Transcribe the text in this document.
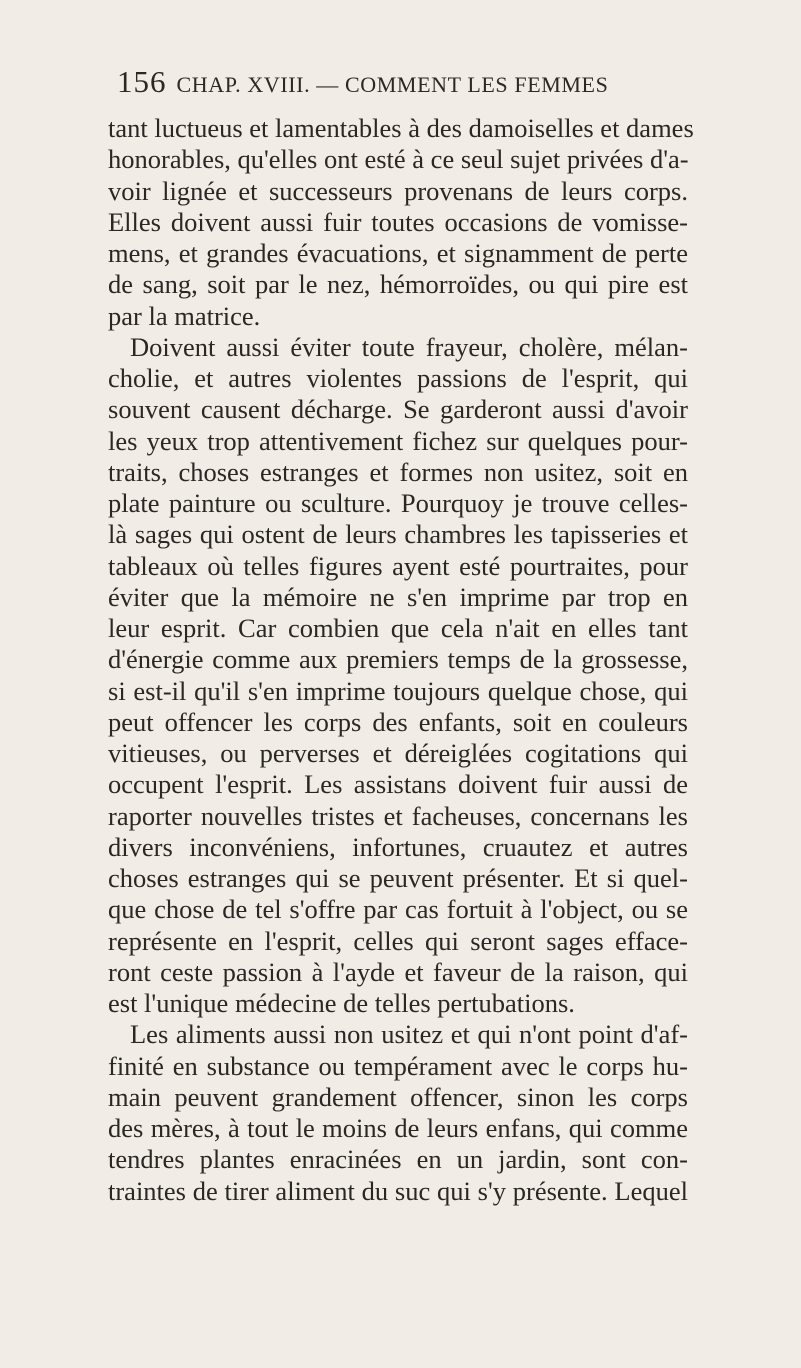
156 CHAP. XVIII. — COMMENT LES FEMMES
tant luctueus et lamentables à des damoiselles et dames
honorables, qu'elles ont esté à ce seul sujet privées d'a-
voir lignée et successeurs provenans de leurs corps.
Elles doivent aussi fuir toutes occasions de vomisse-
mens, et grandes évacuations, et signamment de perte
de sang, soit par le nez, hémorroïdes, ou qui pire est
par la matrice.
Doivent aussi éviter toute frayeur, cholère, mélan-
cholie, et autres violentes passions de l'esprit, qui
souvent causent décharge. Se garderont aussi d'avoir
les yeux trop attentivement fichez sur quelques pour-
traits, choses estranges et formes non usitez, soit en
plate painture ou sculture. Pourquoy je trouve celles-
là sages qui ostent de leurs chambres les tapisseries et
tableaux où telles figures ayent esté pourtraites, pour
éviter que la mémoire ne s'en imprime par trop en
leur esprit. Car combien que cela n'ait en elles tant
d'énergie comme aux premiers temps de la grossesse,
si est-il qu'il s'en imprime toujours quelque chose, qui
peut offencer les corps des enfants, soit en couleurs
vitieuses, ou perverses et déreiglées cogitations qui
occupent l'esprit. Les assistans doivent fuir aussi de
raporter nouvelles tristes et facheuses, concernans les
divers inconvéniens, infortunes, cruautez et autres
choses estranges qui se peuvent présenter. Et si quel-
que chose de tel s'offre par cas fortuit à l'object, ou se
représente en l'esprit, celles qui seront sages efface-
ront ceste passion à l'ayde et faveur de la raison, qui
est l'unique médecine de telles pertubations.
Les aliments aussi non usitez et qui n'ont point d'af-
finité en substance ou tempérament avec le corps hu-
main peuvent grandement offencer, sinon les corps
des mères, à tout le moins de leurs enfans, qui comme
tendres plantes enracinées en un jardin, sont con-
traintes de tirer aliment du suc qui s'y présente. Lequel
